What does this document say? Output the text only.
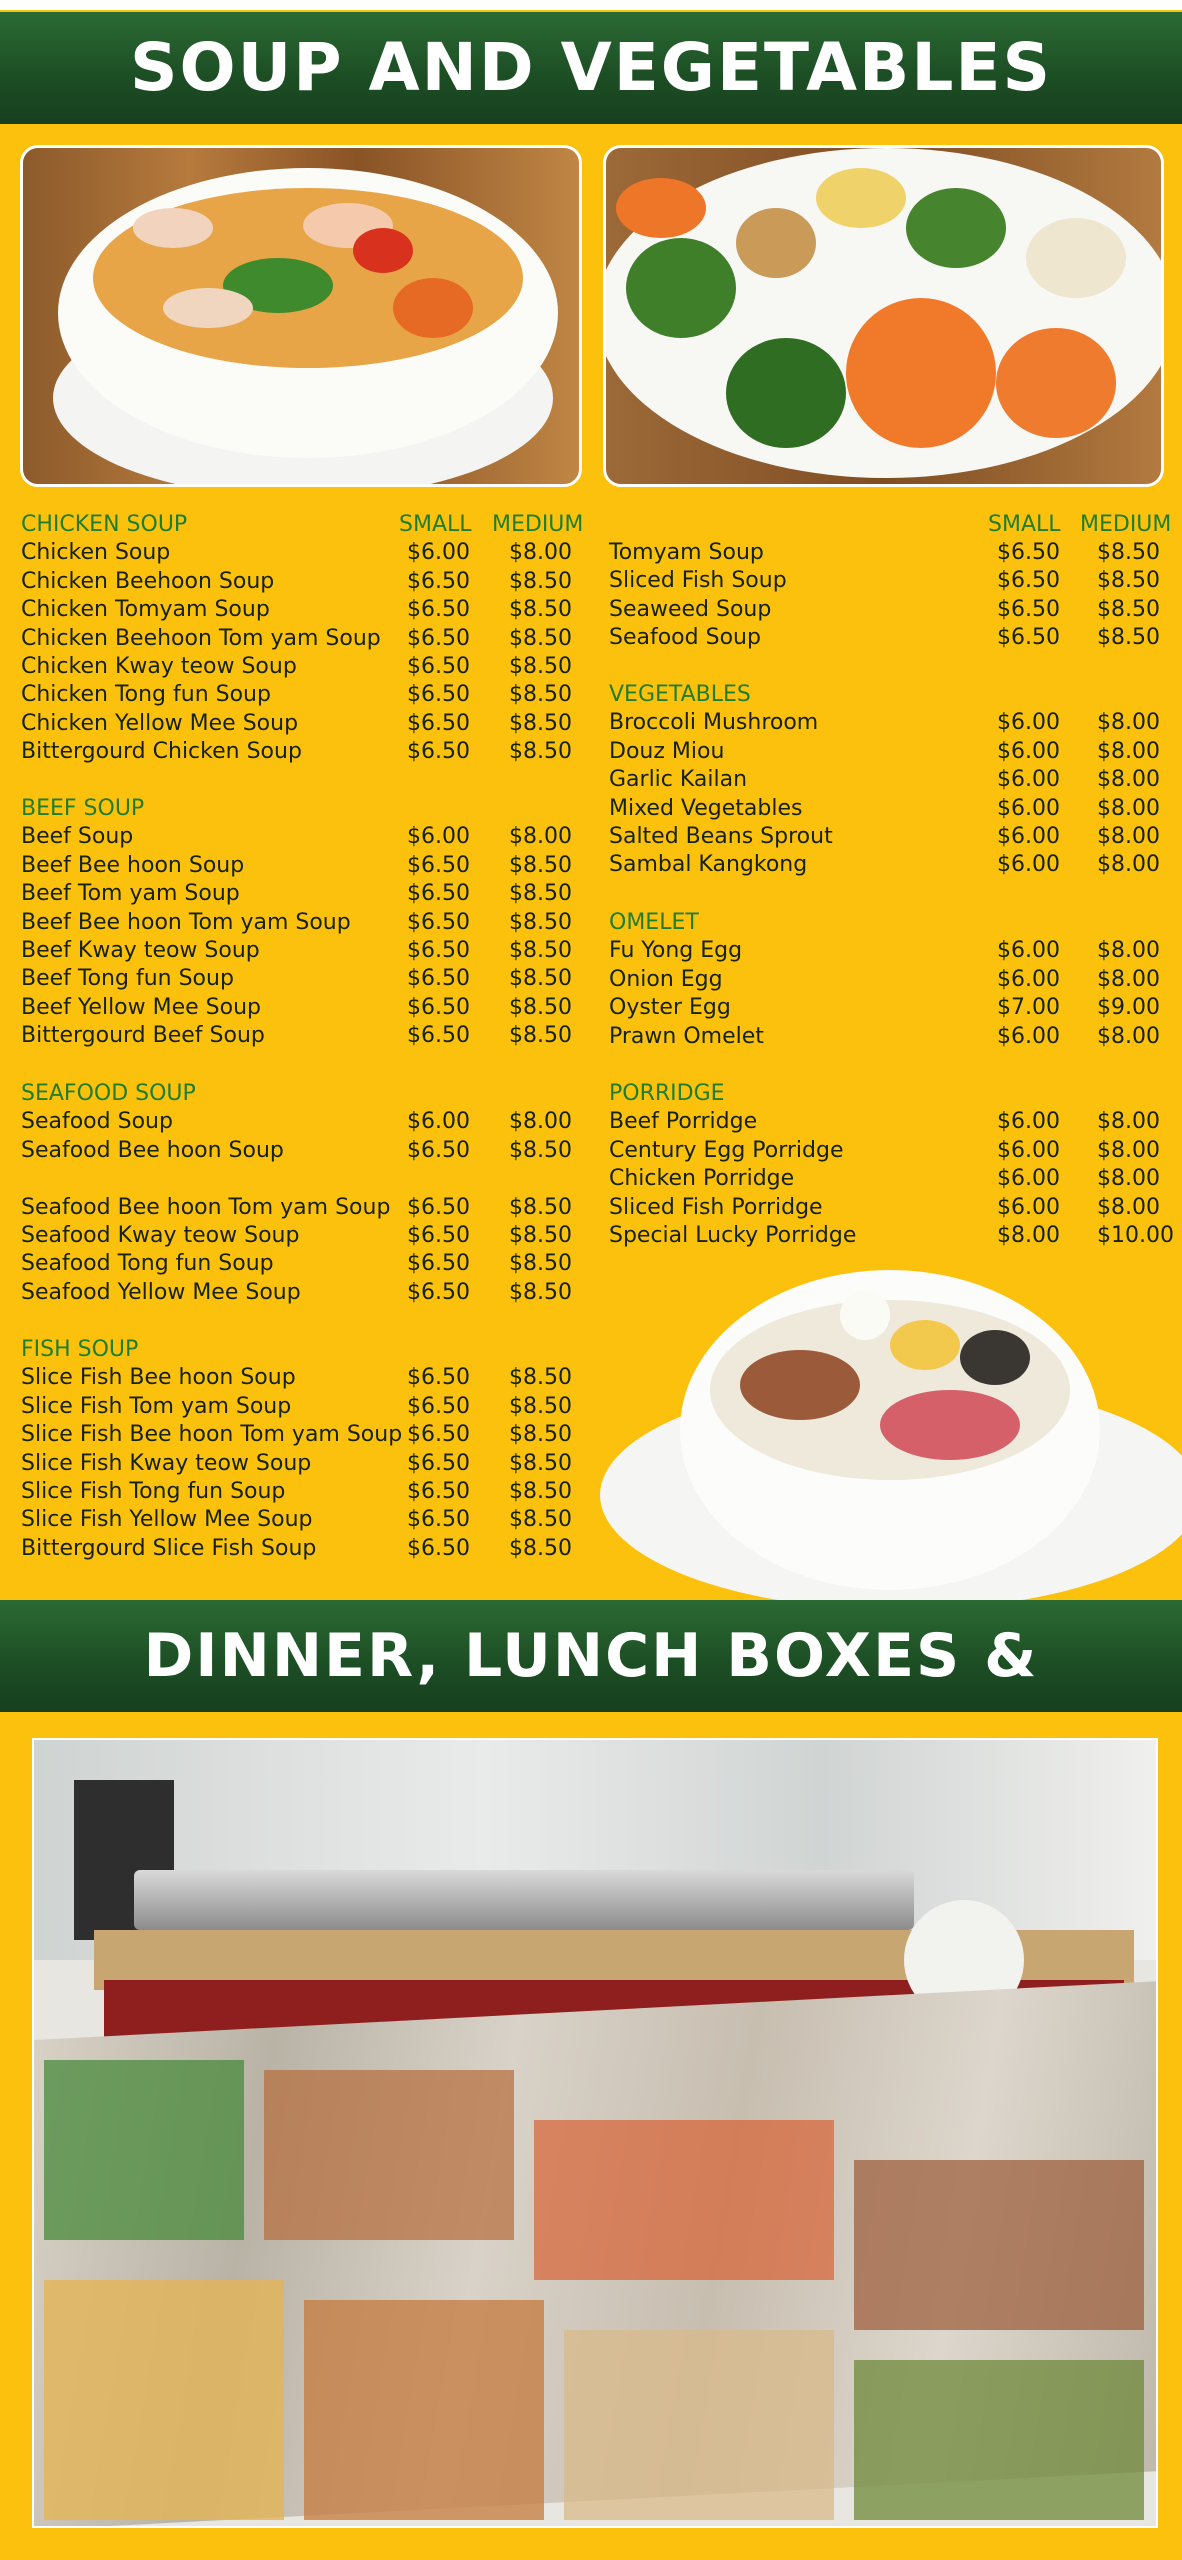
SOUP AND VEGETABLES
SMALL MEDIUM	SMALL MEDIUM
CHICKEN SOUP
Chicken Soup	$6.00 $8.00
Chicken Beehoon Soup	$6.50 $8.50
Chicken Tomyam Soup	$6.50 $8.50
Chicken Beehoon Tom yam Soup $6.50 $8.50
Chicken Kway teow Soup	$6.50 $8.50
Chicken Tong fun Soup	$6.50 $8.50
Chicken Yellow Mee Soup	$6.50 $8.50
Bittergourd Chicken Soup	$6.50 $8.50
BEEF SOUP
Beef Soup	$6.00 $8.00
Beef Bee hoon Soup	$6.50 $8.50
Beef Tom yam Soup	$6.50 $8.50
Beef Bee hoon Tom yam Soup	$6.50 $8.50
Beef Kway teow Soup	$6.50 $8.50
Beef Tong fun Soup	$6.50 $8.50
Beef Yellow Mee Soup	$6.50 $8.50
Bittergourd Beef Soup	$6.50 $8.50
SEAFOOD SOUP
Seafood Soup	$6.00 $8.00
Seafood Bee hoon Soup	$6.50 $8.50
Seafood Bee hoon Tom yam Soup $6.50 $8.50
Seafood Kway teow Soup	$6.50 $8.50
Seafood Tong fun Soup	$6.50 $8.50
Seafood Yellow Mee Soup	$6.50 $8.50
FISH SOUP
Slice Fish Bee hoon Soup	$6.50 $8.50
Slice Fish Tom yam Soup	$6.50 $8.50
Slice Fish Bee hoon Tom yam Soup $6.50 $8.50
Slice Fish Kway teow Soup	$6.50 $8.50
Slice Fish Tong fun Soup	$6.50 $8.50
Slice Fish Yellow Mee Soup	$6.50 $8.50
Bittergourd Slice Fish Soup	$6.50 $8.50
Tomyam Soup	$6.50 $8.50
Sliced Fish Soup	$6.50 $8.50
Seaweed Soup	$6.50 $8.50
Seafood Soup	$6.50 $8.50
VEGETABLES
Broccoli Mushroom	$6.00 $8.00
Douz Miou	$6.00 $8.00
Garlic Kailan	$6.00 $8.00
Mixed Vegetables	$6.00 $8.00
Salted Beans Sprout	$6.00 $8.00
Sambal Kangkong	$6.00 $8.00
OMELET
Fu Yong Egg	$6.00 $8.00
Onion Egg	$6.00 $8.00
Oyster Egg	$7.00 $9.00
Prawn Omelet	$6.00 $8.00
PORRIDGE
Beef Porridge	$6.00 $8.00
Century Egg Porridge	$6.00 $8.00
Chicken Porridge	$6.00 $8.00
Sliced Fish Porridge	$6.00 $8.00
Special Lucky Porridge	$8.00 $10.00
DINNER, LUNCH BOXES &
